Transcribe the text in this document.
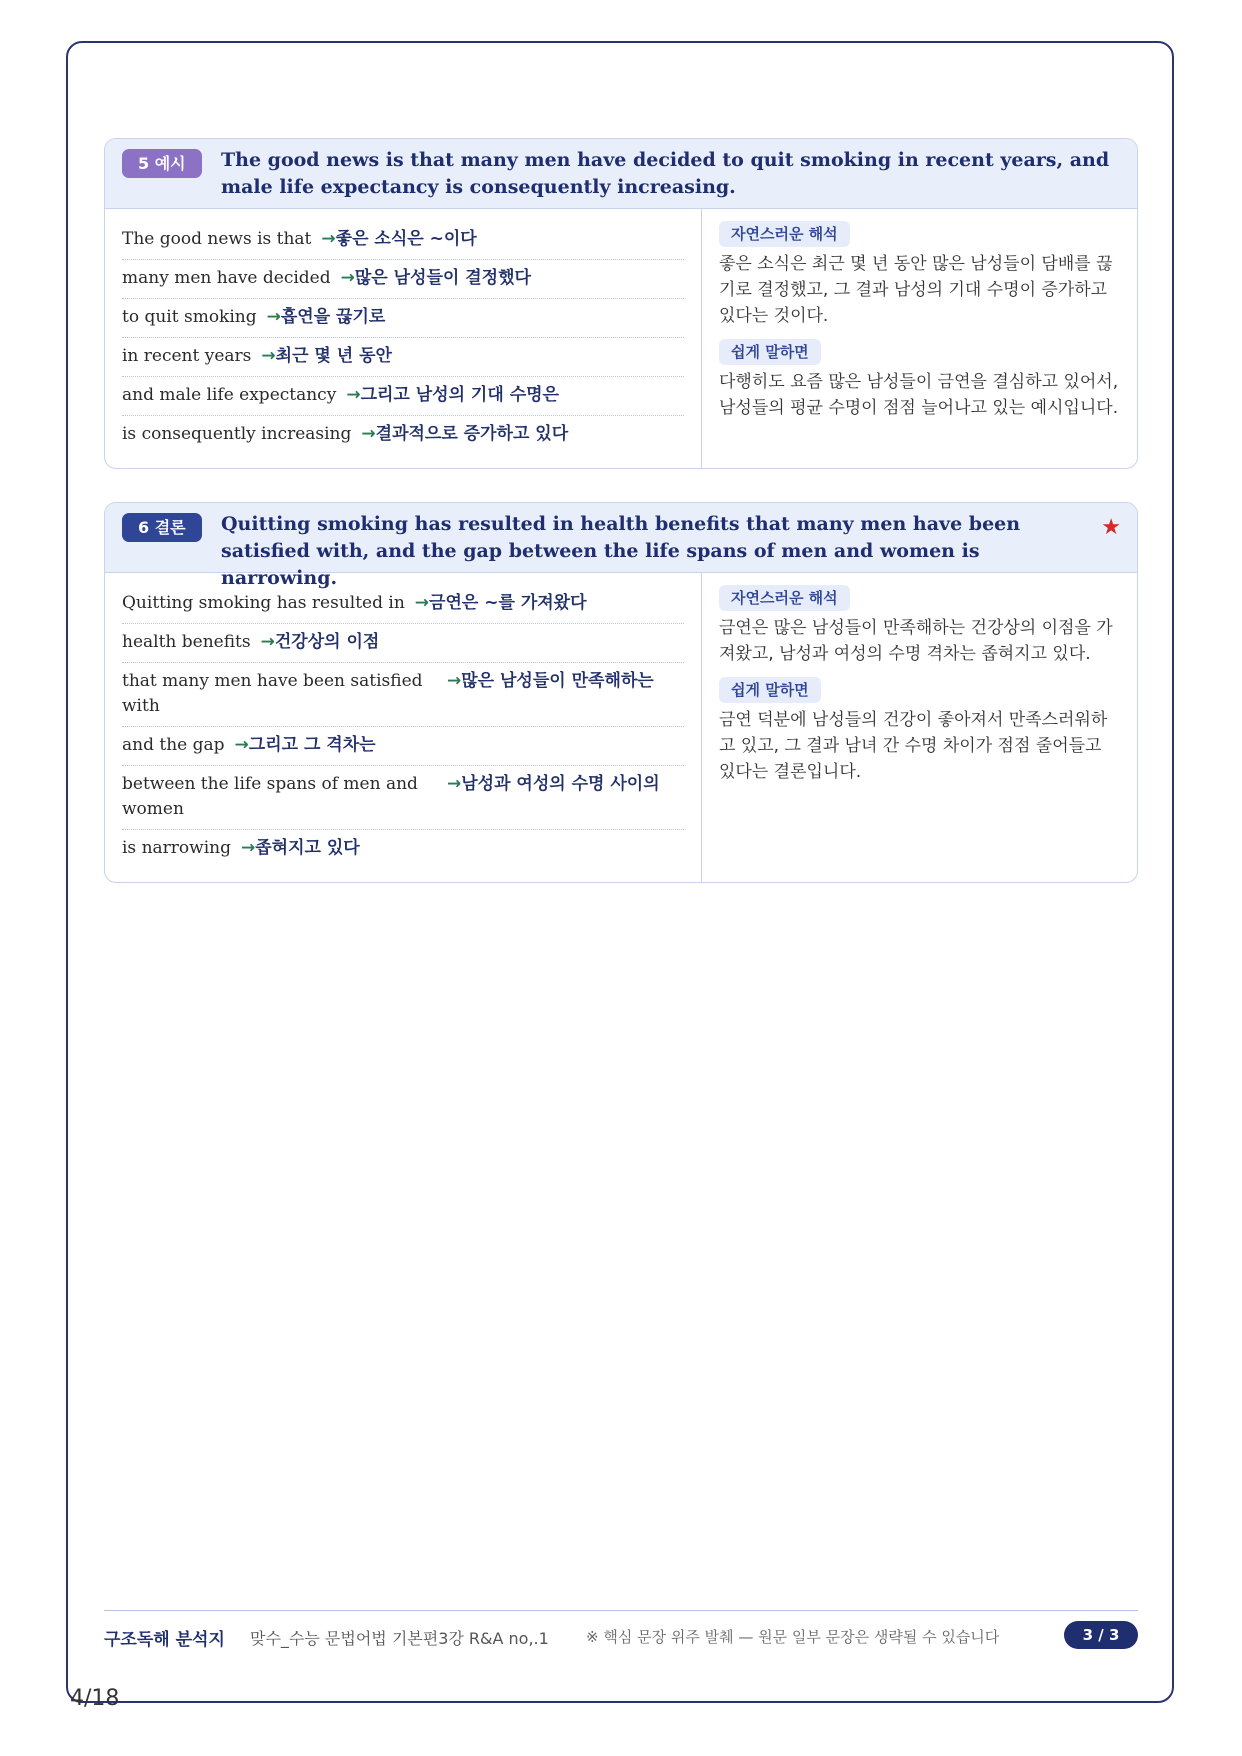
5 예시	The good news is that many men have decided to quit smoking in recent years, and male life expectancy is consequently increasing.
The good news is that →좋은 소식은 ~이다
many men have decided →많은 남성들이 결정했다
to quit smoking →흡연을 끊기로
in recent years →최근 몇 년 동안
and male life expectancy →그리고 남성의 기대 수명은
is consequently increasing →결과적으로 증가하고 있다
자연스러운 해석

좋은 소식은 최근 몇 년 동안 많은 남성들이 담배를 끊기로 결정했고, 그 결과 남성의 기대 수명이 증가하고 있다는 것이다.

쉽게 말하면

다행히도 요즘 많은 남성들이 금연을 결심하고 있어서, 남성들의 평균 수명이 점점 늘어나고 있는 예시입니다.

6 결론	Quitting smoking has resulted in health benefits that many men have been satisfied with, and the gap between the life spans of men and women is narrowing.
★
Quitting smoking has resulted in →금연은 ~를 가져왔다
health benefits →건강상의 이점
that many men have been satisfied with
→많은 남성들이 만족해하는
and the gap →그리고 그 격차는
between the life spans of men and women
→남성과 여성의 수명 사이의
is narrowing →좁혀지고 있다
자연스러운 해석

금연은 많은 남성들이 만족해하는 건강상의 이점을 가져왔고, 남성과 여성의 수명 격차는 좁혀지고 있다.

쉽게 말하면

금연 덕분에 남성들의 건강이 좋아져서 만족스러워하고 있고, 그 결과 남녀 간 수명 차이가 점점 줄어들고 있다는 결론입니다.

구조독해 분석지 맞수_수능 문법어법 기본편3강 R&A no,.1 ※ 핵심 문장 위주 발췌 — 원문 일부 문장은 생략될 수 있습니다	3 / 3
4/18
